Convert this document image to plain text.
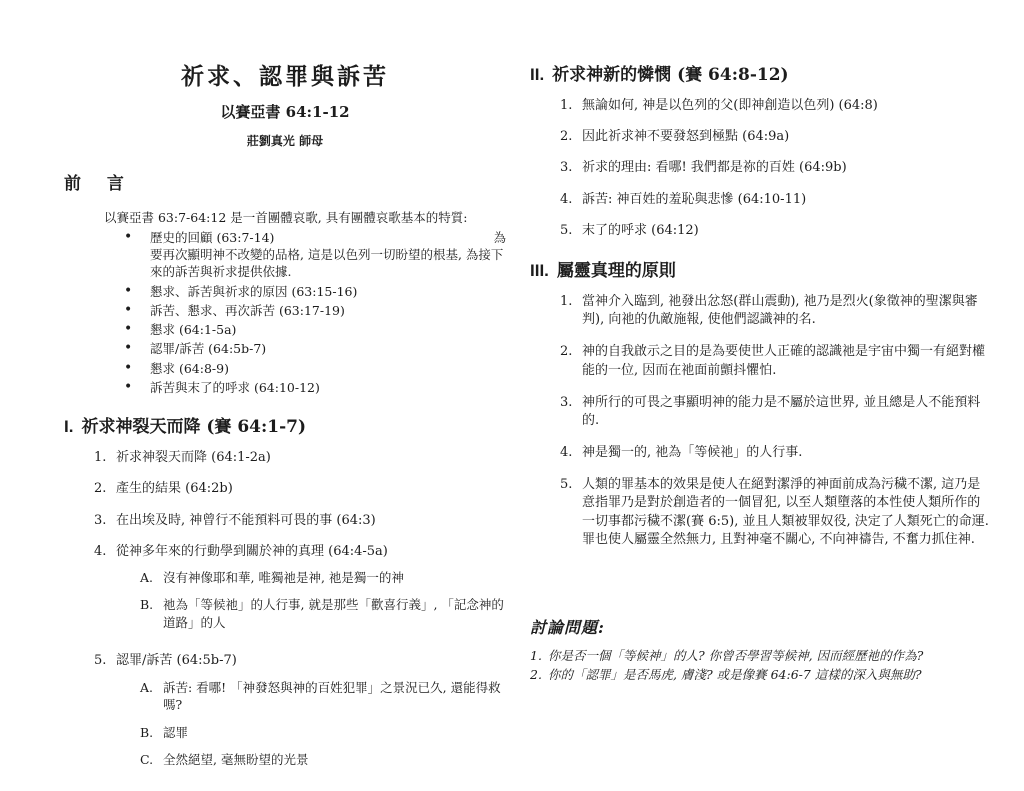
祈求、認罪與訴苦
以賽亞書 64:1-12
莊劉真光 師母
前 言

以賽亞書 63:7-64:12 是一首團體哀歌, 具有團體哀歌基本的特質:

• 歷史的回顧 (63:7-14)	為
要再次顯明神不改變的品格, 這是以色列一切盼望的根基, 為接下來的訴苦與祈求提供依據.
• 懇求、訴苦與祈求的原因 (63:15-16)
• 訴苦、懇求、再次訴苦 (63:17-19)
• 懇求 (64:1-5a)
• 認罪/訴苦 (64:5b-7)
• 懇求 (64:8-9)
• 訴苦與末了的呼求 (64:10-12)
I. 祈求神裂天而降 (賽 64:1-7)
1. 祈求神裂天而降 (64:1-2a)
2. 產生的結果 (64:2b)
3. 在出埃及時, 神曾行不能預料可畏的事 (64:3)
4. 從神多年來的行動學到關於神的真理 (64:4-5a)
A. 沒有神像耶和華, 唯獨祂是神, 祂是獨一的神
B. 祂為「等候祂」的人行事, 就是那些「歡喜行義」, 「記念神的道路」的人
5. 認罪/訴苦 (64:5b-7)
A. 訴苦: 看哪! 「神發怒與神的百姓犯罪」之景況已久, 還能得救嗎?
B. 認罪
C. 全然絕望, 毫無盼望的光景
II. 祈求神新的憐憫 (賽 64:8-12)
1. 無論如何, 神是以色列的父(即神創造以色列) (64:8)
2. 因此祈求神不要發怒到極點 (64:9a)
3. 祈求的理由: 看哪! 我們都是祢的百姓 (64:9b)
4. 訴苦: 神百姓的羞恥與悲慘 (64:10-11)
5. 末了的呼求 (64:12)
III. 屬靈真理的原則
1. 當神介入臨到, 祂發出忿怒(群山震動), 祂乃是烈火(象徵神的聖潔與審判), 向祂的仇敵施報, 使他們認識神的名.
2. 神的自我啟示之目的是為要使世人正確的認識祂是宇宙中獨一有絕對權能的一位, 因而在祂面前顫抖懼怕.
3. 神所行的可畏之事顯明神的能力是不屬於這世界, 並且總是人不能預料的.
4. 神是獨一的, 祂為「等候祂」的人行事.
5. 人類的罪基本的效果是使人在絕對潔淨的神面前成為污穢不潔, 這乃是意指罪乃是對於創造者的一個冒犯, 以至人類墮落的本性使人類所作的一切事都污穢不潔(賽 6:5), 並且人類被罪奴役, 決定了人類死亡的命運. 罪也使人屬靈全然無力, 且對神毫不關心, 不向神禱告, 不奮力抓住神.
討論問題:
1. 你是否一個「等候神」的人? 你曾否學習等候神, 因而經歷祂的作為?
2. 你的「認罪」是否馬虎, 膚淺? 或是像賽 64:6-7 這樣的深入與無助?
